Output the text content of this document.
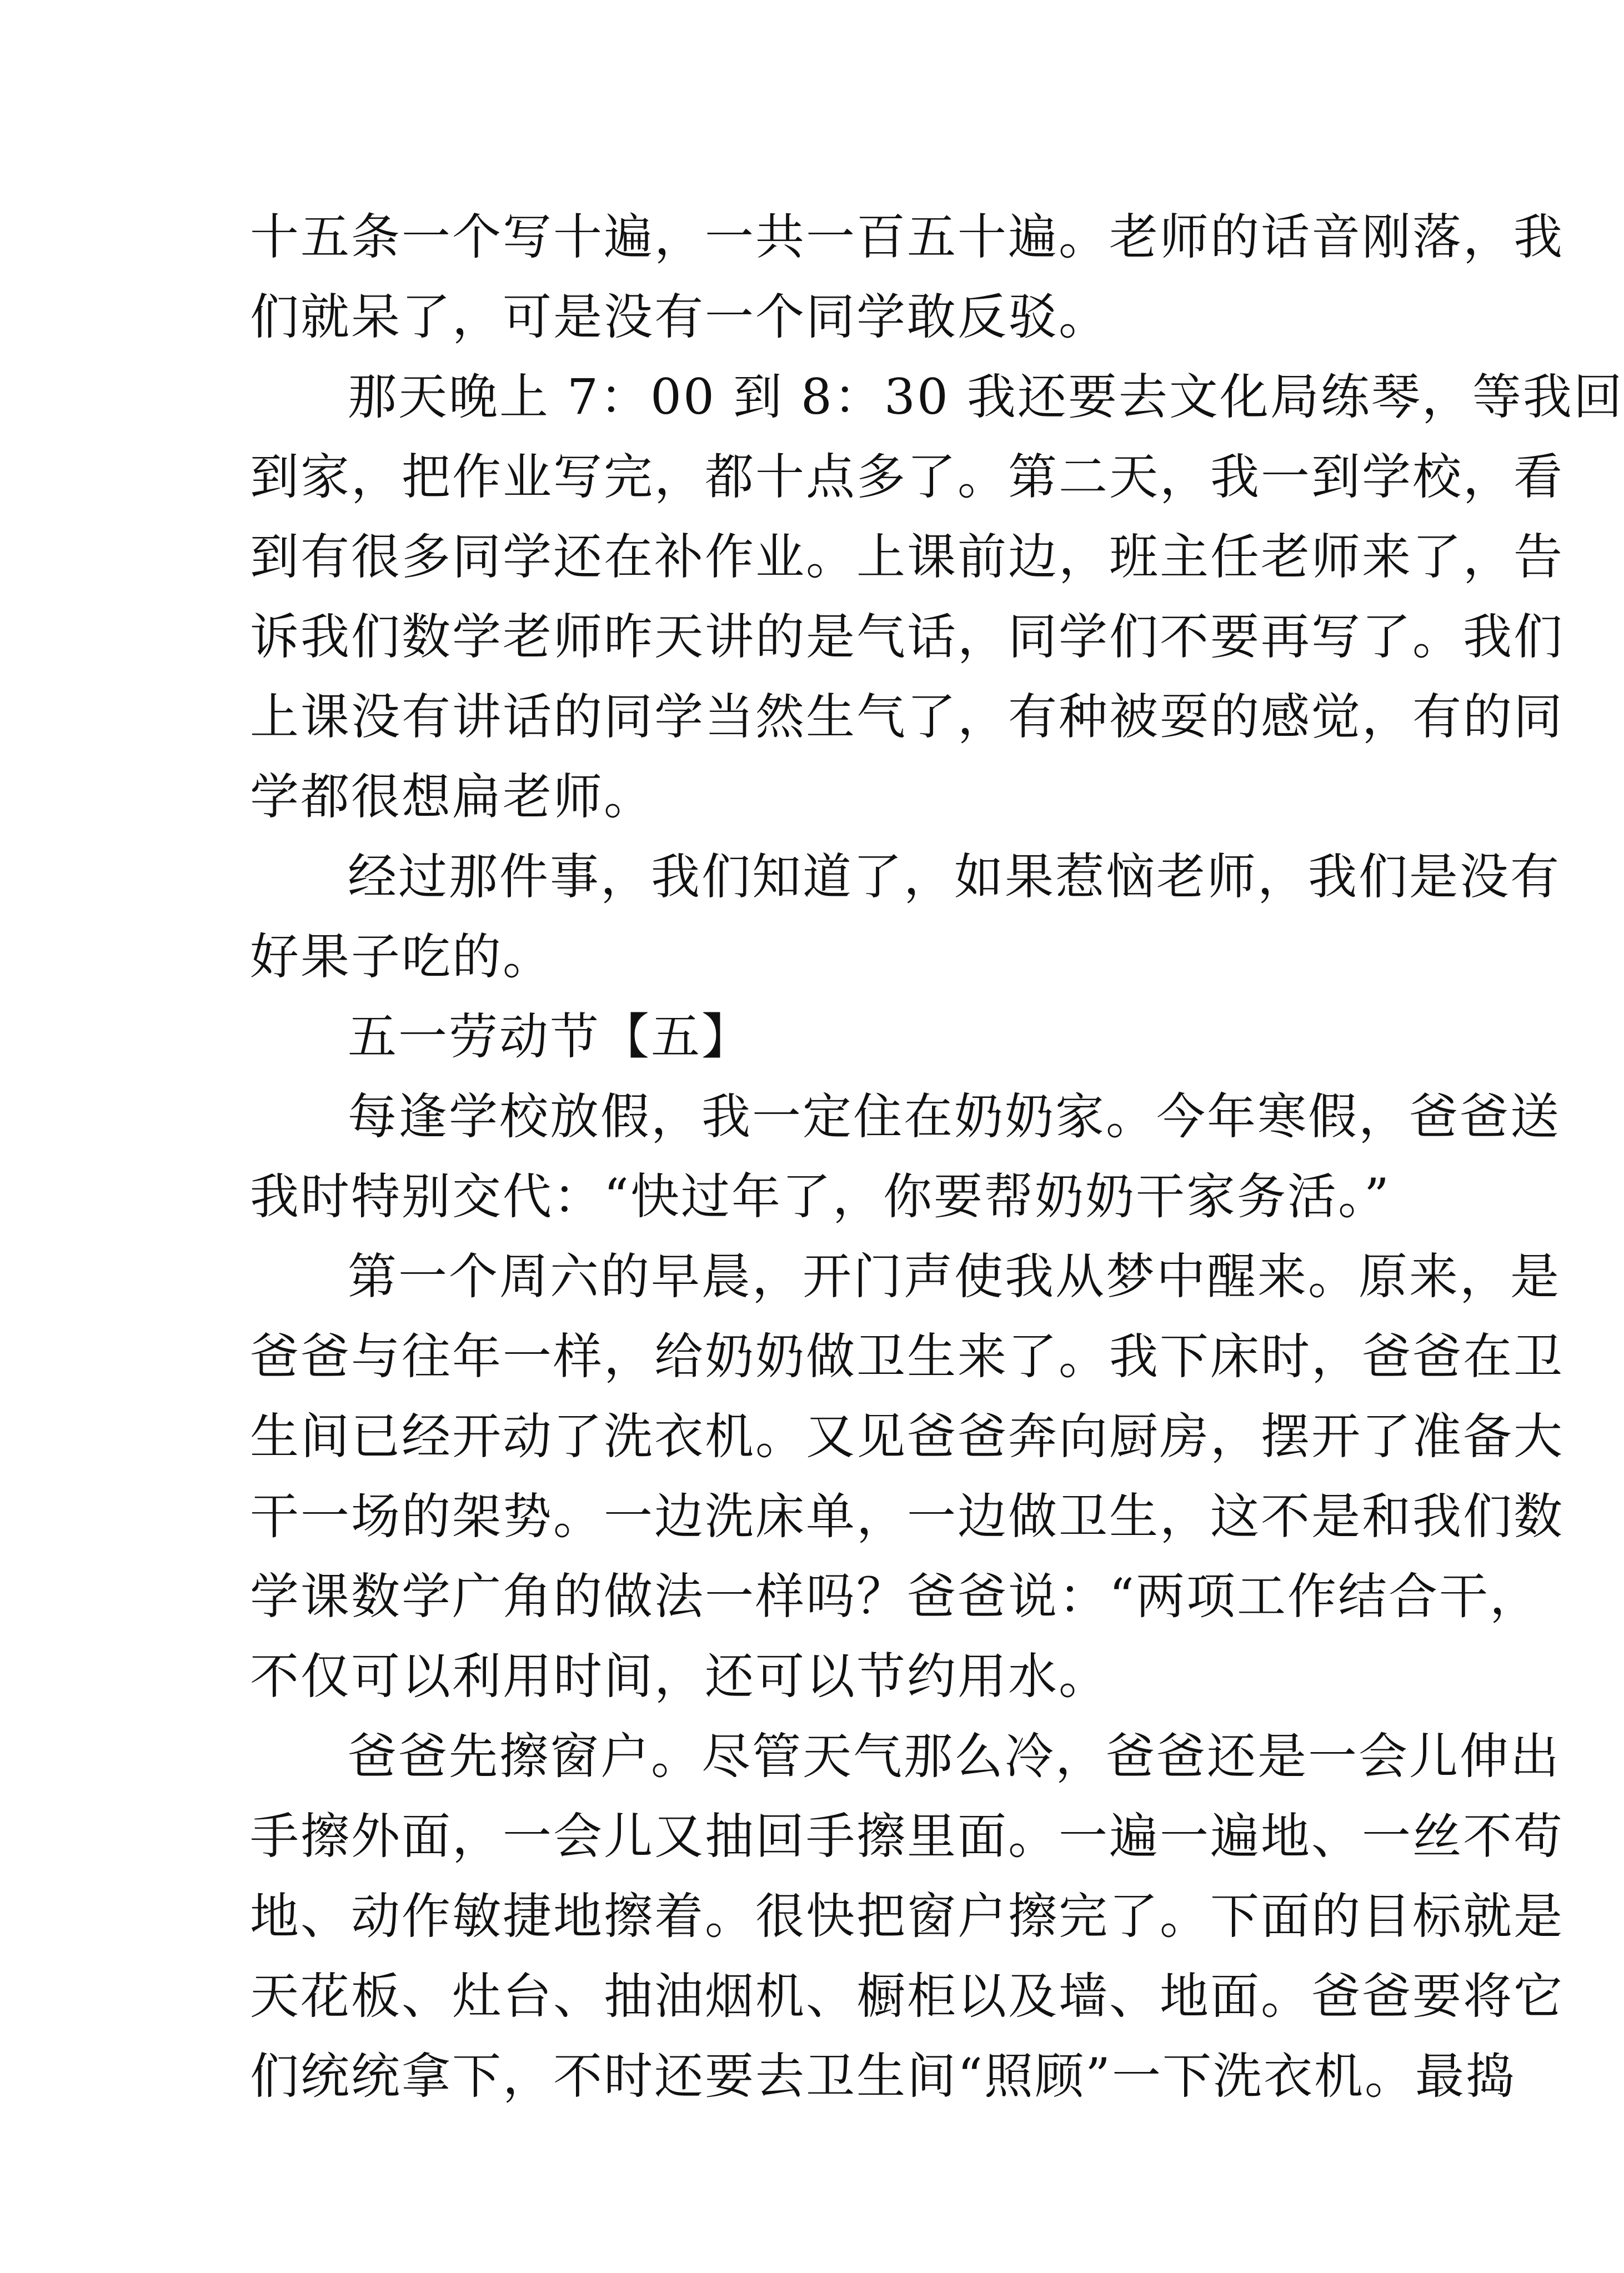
十五条一个写十遍，一共一百五十遍。老师的话音刚落，我
们就呆了，可是没有一个同学敢反驳。
那天晚上 7：00 到 8：30 我还要去文化局练琴，等我回
到家，把作业写完，都十点多了。第二天，我一到学校，看
到有很多同学还在补作业。上课前边，班主任老师来了，告
诉我们数学老师昨天讲的是气话，同学们不要再写了。我们
上课没有讲话的同学当然生气了，有种被耍的感觉，有的同
学都很想扁老师。
经过那件事，我们知道了，如果惹恼老师，我们是没有
好果子吃的。
五一劳动节【五】
每逢学校放假，我一定住在奶奶家。今年寒假，爸爸送
我时特别交代：“快过年了，你要帮奶奶干家务活。”
第一个周六的早晨，开门声使我从梦中醒来。原来，是
爸爸与往年一样，给奶奶做卫生来了。我下床时，爸爸在卫
生间已经开动了洗衣机。又见爸爸奔向厨房，摆开了准备大
干一场的架势。一边洗床单，一边做卫生，这不是和我们数
学课数学广角的做法一样吗？爸爸说：“两项工作结合干，
不仅可以利用时间，还可以节约用水。
爸爸先擦窗户。尽管天气那么冷，爸爸还是一会儿伸出
手擦外面，一会儿又抽回手擦里面。一遍一遍地、一丝不苟
地、动作敏捷地擦着。很快把窗户擦完了。下面的目标就是
天花板、灶台、抽油烟机、橱柜以及墙、地面。爸爸要将它
们统统拿下，不时还要去卫生间“照顾”一下洗衣机。最捣
